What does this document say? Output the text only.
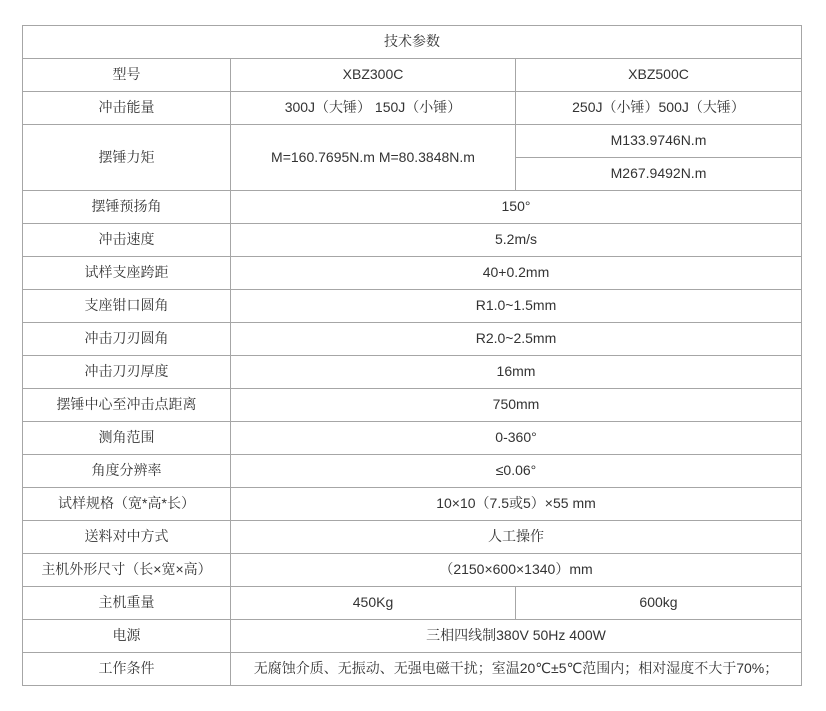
技术参数		
型号	XBZ300C	XBZ500C
冲击能量	300J（大锤） 150J（小锤）	250J（小锤）500J（大锤）
摆锤力矩	M=160.7695N.m M=80.3848N.m	M133.9746N.m
		M267.9492N.m
摆锤预扬角	150°	
冲击速度	5.2m/s	
试样支座跨距	40+0.2mm	
支座钳口圆角	R1.0~1.5mm	
冲击刀刃圆角	R2.0~2.5mm	
冲击刀刃厚度	16mm	
摆锤中心至冲击点距离	750mm	
测角范围	0-360°	
角度分辨率	≤0.06°	
试样规格（宽*高*长）	10×10（7.5或5）×55 mm	
送料对中方式	人工操作	
主机外形尺寸（长×宽×高）	（2150×600×1340）mm	
主机重量	450Kg	600kg
电源	三相四线制380V 50Hz 400W	
工作条件	无腐蚀介质、无振动、无强电磁干扰；室温20℃±5℃范围内；相对湿度不大于70%；	
